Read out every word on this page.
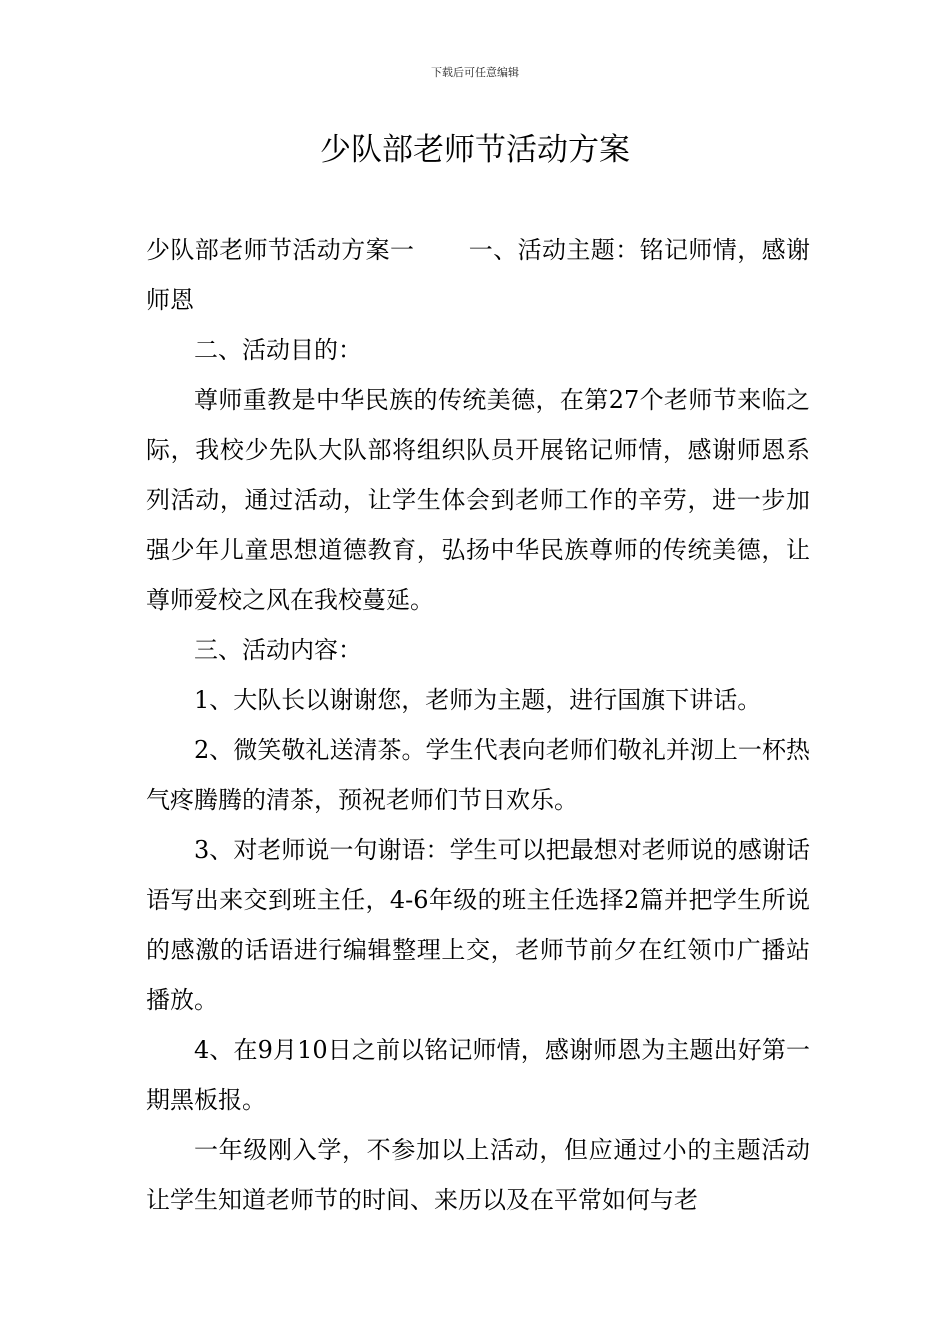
下载后可任意编辑
少队部老师节活动方案

少队部老师节活动方案一 一、活动主题：铭记师情，感谢师恩

二、活动目的：

尊师重教是中华民族的传统美德，在第27个老师节来临之际，我校少先队大队部将组织队员开展铭记师情，感谢师恩系列活动，通过活动，让学生体会到老师工作的辛劳，进一步加强少年儿童思想道德教育，弘扬中华民族尊师的传统美德，让尊师爱校之风在我校蔓延。

三、活动内容：

1、大队长以谢谢您，老师为主题，进行国旗下讲话。

2、微笑敬礼送清茶。学生代表向老师们敬礼并沏上一杯热气疼腾腾的清茶，预祝老师们节日欢乐。

3、对老师说一句谢语：学生可以把最想对老师说的感谢话语写出来交到班主任，4-6年级的班主任选择2篇并把学生所说的感激的话语进行编辑整理上交，老师节前夕在红领巾广播站播放。

4、在9月10日之前以铭记师情，感谢师恩为主题出好第一期黑板报。

一年级刚入学，不参加以上活动，但应通过小的主题活动让学生知道老师节的时间、来历以及在平常如何与老
